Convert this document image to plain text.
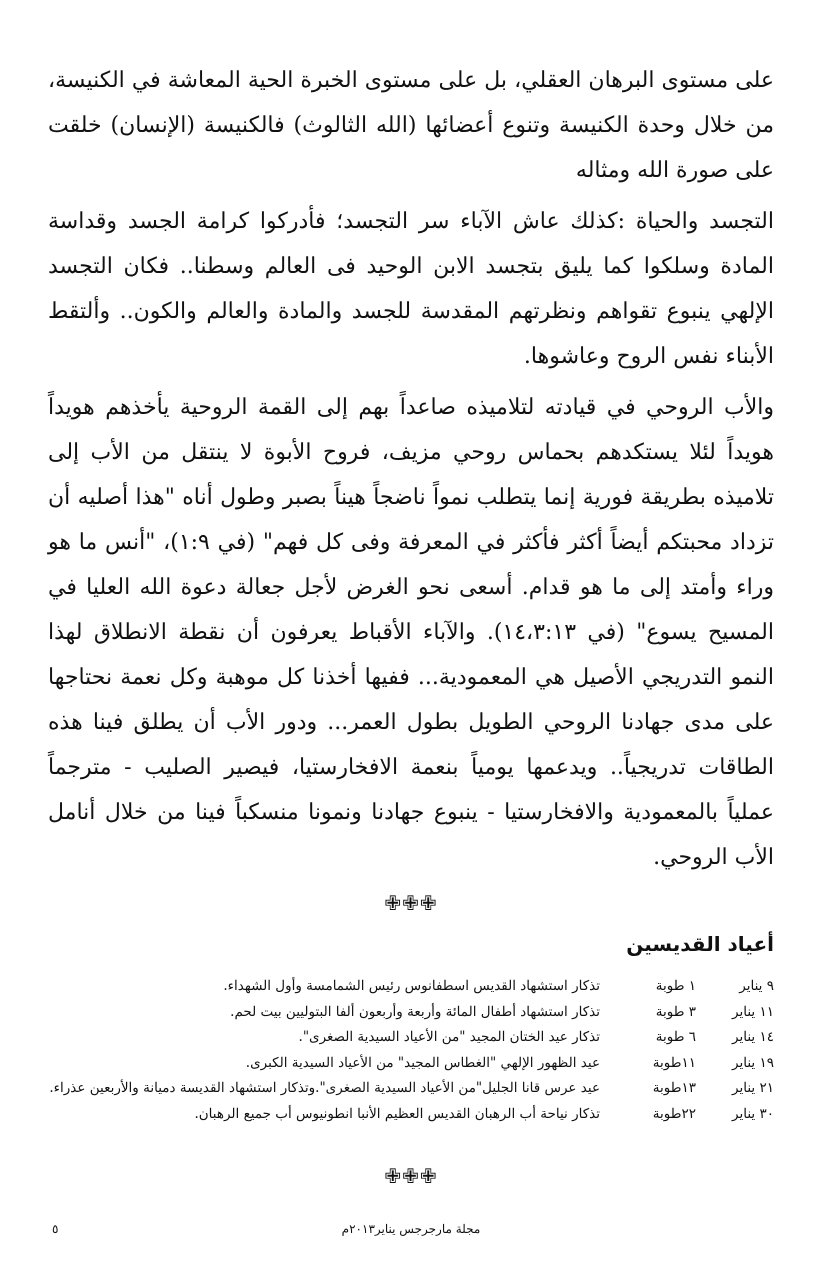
على مستوى البرهان العقلي، بل على مستوى الخبرة الحية المعاشة في الكنيسة، من خلال وحدة الكنيسة وتنوع أعضائها (الله الثالوث) فالكنيسة (الإنسان) خلقت على صورة الله ومثاله

التجسد والحياة :كذلك عاش الآباء سر التجسد؛ فأدركوا كرامة الجسد وقداسة المادة وسلكوا كما يليق بتجسد الابن الوحيد فى العالم وسطنا.. فكان التجسد الإلهي ينبوع تقواهم ونظرتهم المقدسة للجسد والمادة والعالم والكون.. وألتقط الأبناء نفس الروح وعاشوها.

والأب الروحي في قيادته لتلاميذه صاعداً بهم إلى القمة الروحية يأخذهم هويداً هويداً لئلا يستكدهم بحماس روحي مزيف، فروح الأبوة لا ينتقل من الأب إلى تلاميذه بطريقة فورية إنما يتطلب نمواً ناضجاً هيناً بصبر وطول أناه "هذا أصليه أن تزداد محبتكم أيضاً أكثر فأكثر في المعرفة وفى كل فهم" (في ١:٩)، "أنس ما هو وراء وأمتد إلى ما هو قدام. أسعى نحو الغرض لأجل جعالة دعوة الله العليا في المسيح يسوع" (في ١٤،٣:١٣). والآباء الأقباط يعرفون أن نقطة الانطلاق لهذا النمو التدريجي الأصيل هي المعمودية... ففيها أخذنا كل موهبة وكل نعمة نحتاجها على مدى جهادنا الروحي الطويل بطول العمر... ودور الأب أن يطلق فينا هذه الطاقات تدريجياً.. ويدعمها يومياً بنعمة الافخارستيا، فيصير الصليب - مترجماً عملياً بالمعمودية والافخارستيا - ينبوع جهادنا ونمونا منسكباً فينا من خلال أنامل الأب الروحي.

✙✙✙
أعياد القديسين
٩ يناير
١ طوبة
تذكار استشهاد القديس اسطفانوس رئيس الشمامسة وأول الشهداء.
١١ يناير
٣ طوبة
تذكار استشهاد أطفال المائة وأربعة وأربعون ألفا البتوليين بيت لحم.
١٤ يناير
٦ طوبة
تذكار عيد الختان المجيد "من الأعياد السيدية الصغرى".
١٩ يناير
١١طوبة
عيد الظهور الإلهي "الغطاس المجيد" من الأعياد السيدية الكبرى.
٢١ يناير
١٣طوبة
عيد عرس قانا الجليل"من الأعياد السيدية الصغرى".وتذكار استشهاد القديسة دميانة والأربعين عذراء.
٣٠ يناير
٢٢طوبة
تذكار نياحة أب الرهبان القديس العظيم الأنبا انطونيوس أب جميع الرهبان.
✙✙✙
مجلة مارجرجس يناير٢٠١٣م
٥
